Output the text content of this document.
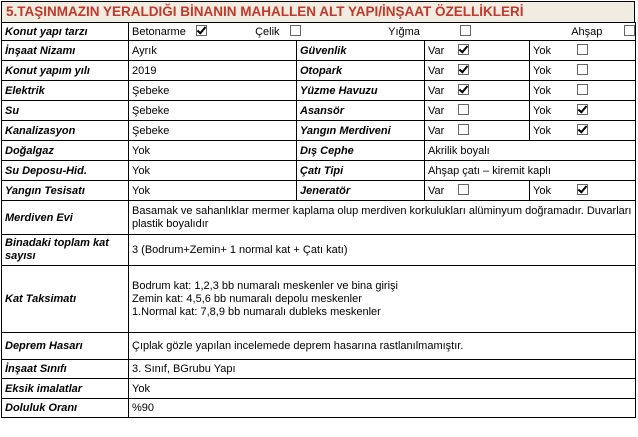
5.TAŞINMAZIN YERALDIĞI BİNANIN MAHALLEN ALT YAPI/İNŞAAT ÖZELLİKLERİ
Konut yapı tarzı	Betonarme Çelik Yığma Ahşap			
İnşaat Nizamı	Ayrık	Güvenlik	Var	Yok
Konut yapım yılı	2019	Otopark	Var	Yok
Elektrik	Şebeke	Yüzme Havuzu	Var	Yok
Su	Şebeke	Asansör	Var	Yok
Kanalizasyon	Şebeke	Yangın Merdiveni	Var	Yok
Doğalgaz	Yok	Dış Cephe	Akrilik boyalı	
Su Deposu-Hid.	Yok	Çatı Tipi	Ahşap çatı – kiremit kaplı	
Yangın Tesisatı	Yok	Jeneratör	Var	Yok
Merdiven Evi	Basamak ve sahanlıklar mermer kaplama olup merdiven korkulukları alüminyum doğramadır. Duvarları plastik boyalıdır			
Binadaki toplam kat sayısı	3 (Bodrum+Zemin+ 1 normal kat + Çatı katı)			
Kat Taksimatı	Bodrum kat: 1,2,3 bb numaralı meskenler ve bina girişi
Zemin kat: 4,5,6 bb numaralı depolu meskenler
1.Normal kat: 7,8,9 bb numaralı dubleks meskenler			

Deprem Hasarı	Çıplak gözle yapılan incelemede deprem hasarına rastlanılmamıştır.			
İnşaat Sınıfı	3. Sınıf, BGrubu Yapı			
Eksik imalatlar	Yok			
Doluluk Oranı	%90			
